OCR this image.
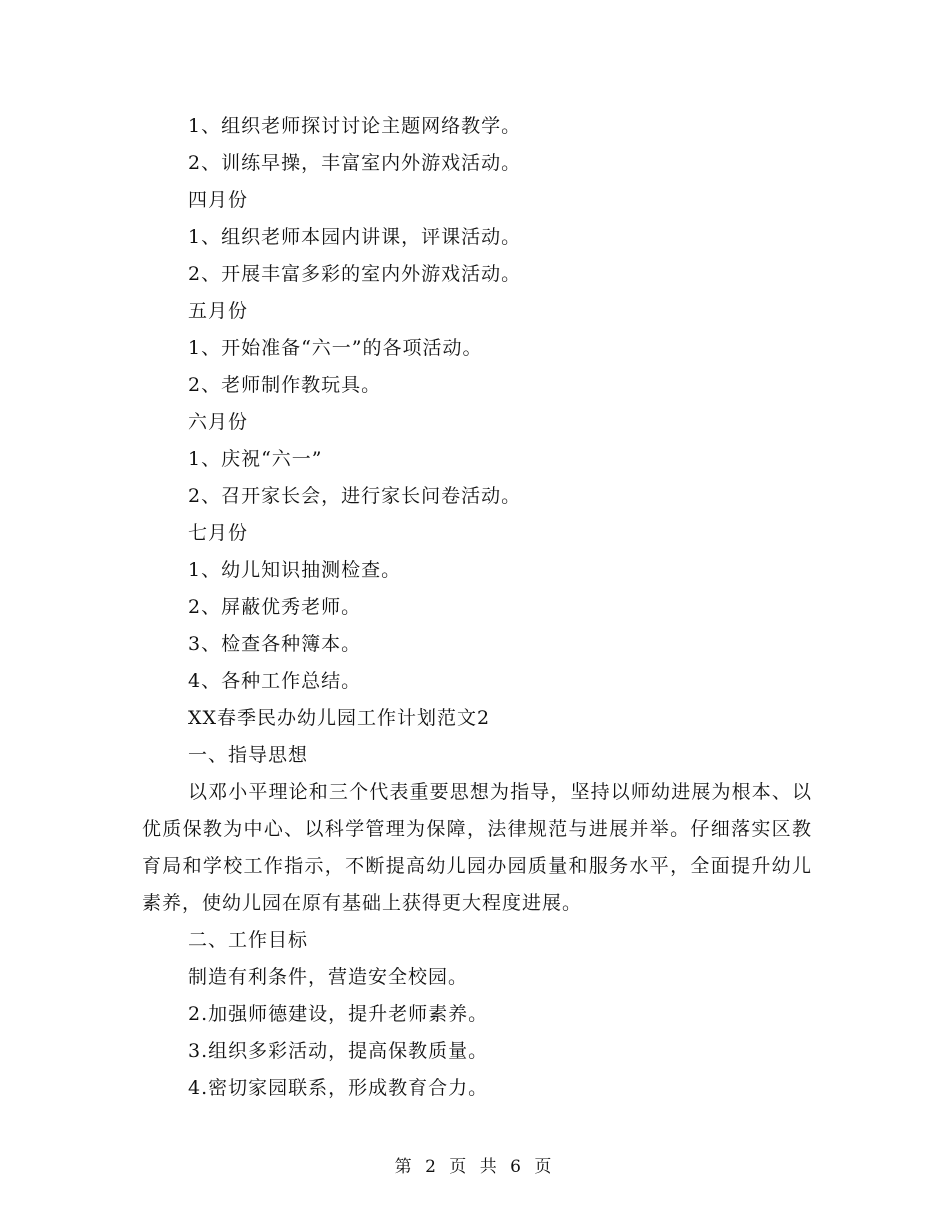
1、组织老师探讨讨论主题网络教学。

2、训练早操，丰富室内外游戏活动。

四月份

1、组织老师本园内讲课，评课活动。

2、开展丰富多彩的室内外游戏活动。

五月份

1、开始准备“六一”的各项活动。

2、老师制作教玩具。

六月份

1、庆祝“六一”

2、召开家长会，进行家长问卷活动。

七月份

1、幼儿知识抽测检查。

2、屏蔽优秀老师。

3、检查各种簿本。

4、各种工作总结。

XX春季民办幼儿园工作计划范文2

一、指导思想

以邓小平理论和三个代表重要思想为指导，坚持以师幼进展为根本、以优质保教为中心、以科学管理为保障，法律规范与进展并举。仔细落实区教育局和学校工作指示，不断提高幼儿园办园质量和服务水平，全面提升幼儿素养，使幼儿园在原有基础上获得更大程度进展。

二、工作目标

制造有利条件，营造安全校园。

2.加强师德建设，提升老师素养。

3.组织多彩活动，提高保教质量。

4.密切家园联系，形成教育合力。

第 2 页 共 6 页
